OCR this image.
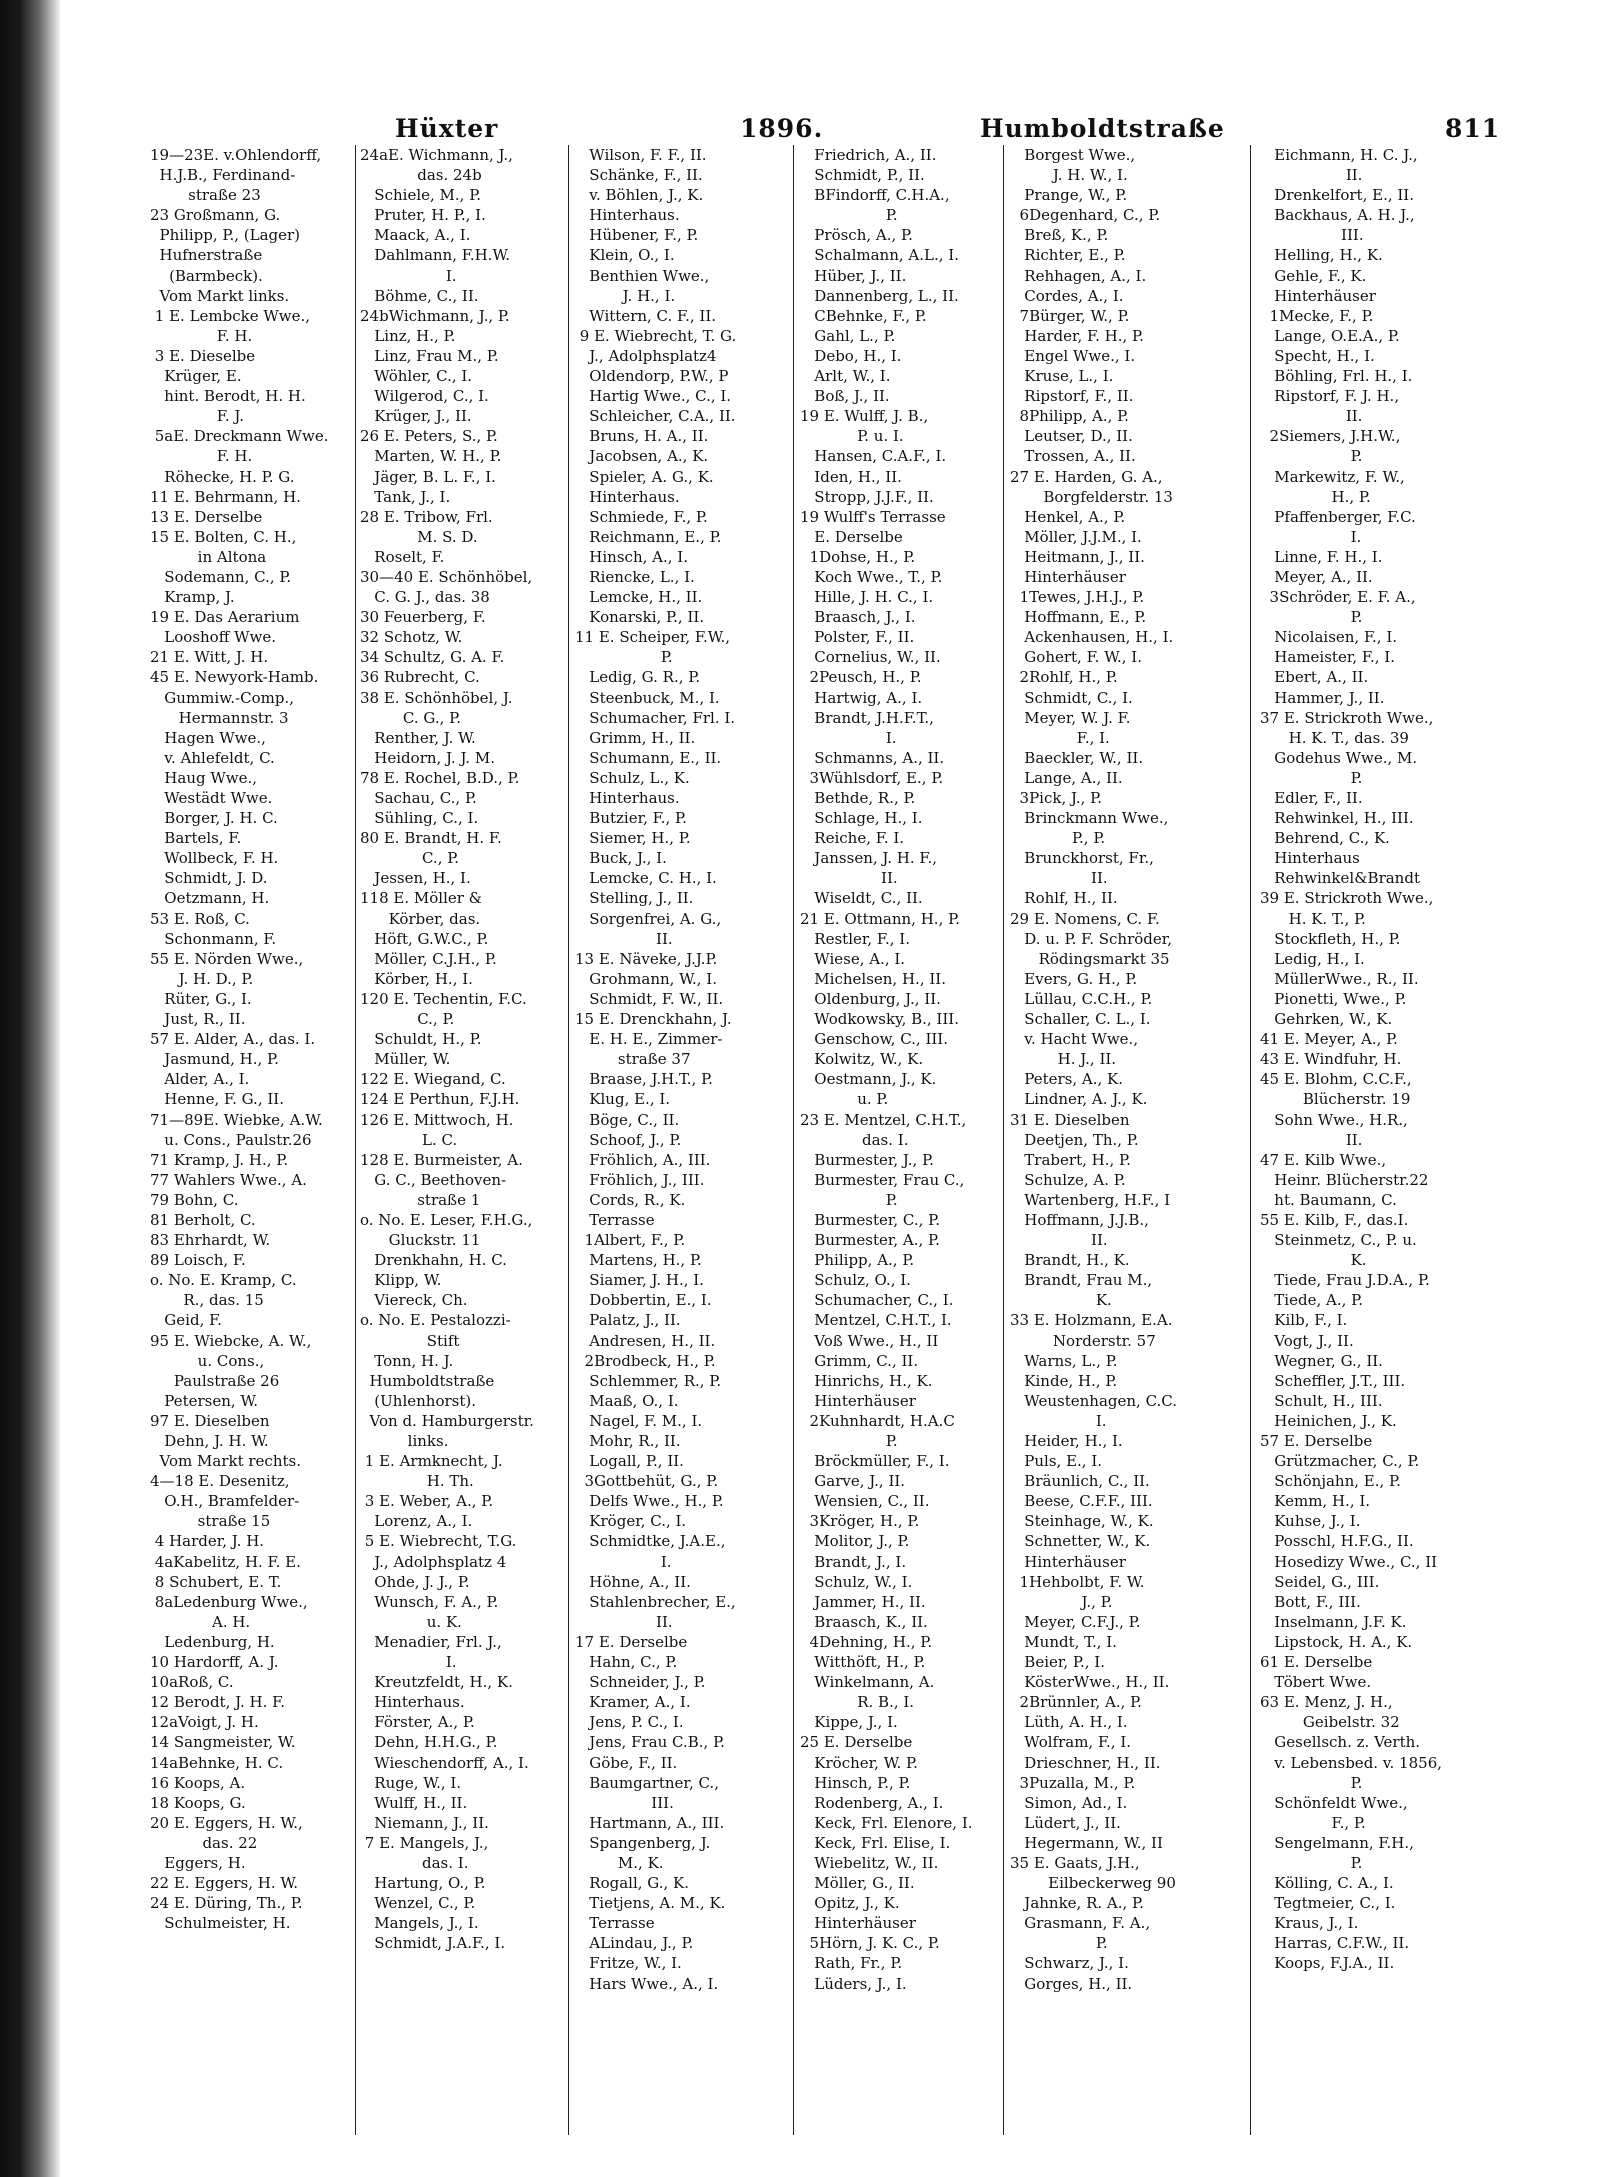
Hüxter	1896.	Humboldtstraße	811
19—23E. v.Ohlendorff,
H.J.B., Ferdinand-
straße 23
23 Großmann, G.
Philipp, P., (Lager)
Hufnerstraße
(Barmbeck).
Vom Markt links.
1 E. Lembcke Wwe.,
F. H.
3 E. Dieselbe
Krüger, E.
hint. Berodt, H. H.
F. J.
5aE. Dreckmann Wwe.
F. H.
Röhecke, H. P. G.
11 E. Behrmann, H.
13 E. Derselbe
15 E. Bolten, C. H.,
in Altona
Sodemann, C., P.
Kramp, J.
19 E. Das Aerarium
Looshoff Wwe.
21 E. Witt, J. H.
45 E. Newyork-Hamb.
Gummiw.-Comp.,
Hermannstr. 3
Hagen Wwe.,
v. Ahlefeldt, C.
Haug Wwe.,
Westädt Wwe.
Borger, J. H. C.
Bartels, F.
Wollbeck, F. H.
Schmidt, J. D.
Oetzmann, H.
53 E. Roß, C.
Schonmann, F.
55 E. Nörden Wwe.,
J. H. D., P.
Rüter, G., I.
Just, R., II.
57 E. Alder, A., das. I.
Jasmund, H., P.
Alder, A., I.
Henne, F. G., II.
71—89E. Wiebke, A.W.
u. Cons., Paulstr.26
71 Kramp, J. H., P.
77 Wahlers Wwe., A.
79 Bohn, C.
81 Berholt, C.
83 Ehrhardt, W.
89 Loisch, F.
o. No. E. Kramp, C.
R., das. 15
Geid, F.
95 E. Wiebcke, A. W.,
u. Cons.,
Paulstraße 26
Petersen, W.
97 E. Dieselben
Dehn, J. H. W.
Vom Markt rechts.
4—18 E. Desenitz,
O.H., Bramfelder-
straße 15
4 Harder, J. H.
4aKabelitz, H. F. E.
8 Schubert, E. T.
8aLedenburg Wwe.,
A. H.
Ledenburg, H.
10 Hardorff, A. J.
10aRoß, C.
12 Berodt, J. H. F.
12aVoigt, J. H.
14 Sangmeister, W.
14aBehnke, H. C.
16 Koops, A.
18 Koops, G.
20 E. Eggers, H. W.,
das. 22
Eggers, H.
22 E. Eggers, H. W.
24 E. Düring, Th., P.
Schulmeister, H.
24aE. Wichmann, J.,
das. 24b
Schiele, M., P.
Pruter, H. P., I.
Maack, A., I.
Dahlmann, F.H.W.
I.
Böhme, C., II.
24bWichmann, J., P.
Linz, H., P.
Linz, Frau M., P.
Wöhler, C., I.
Wilgerod, C., I.
Krüger, J., II.
26 E. Peters, S., P.
Marten, W. H., P.
Jäger, B. L. F., I.
Tank, J., I.
28 E. Tribow, Frl.
M. S. D.
Roselt, F.
30—40 E. Schönhöbel,
C. G. J., das. 38
30 Feuerberg, F.
32 Schotz, W.
34 Schultz, G. A. F.
36 Rubrecht, C.
38 E. Schönhöbel, J.
C. G., P.
Renther, J. W.
Heidorn, J. J. M.
78 E. Rochel, B.D., P.
Sachau, C., P.
Sühling, C., I.
80 E. Brandt, H. F.
C., P.
Jessen, H., I.
118 E. Möller &
Körber, das.
Höft, G.W.C., P.
Möller, C.J.H., P.
Körber, H., I.
120 E. Techentin, F.C.
C., P.
Schuldt, H., P.
Müller, W.
122 E. Wiegand, C.
124 E Perthun, F.J.H.
126 E. Mittwoch, H.
L. C.
128 E. Burmeister, A.
G. C., Beethoven-
straße 1
o. No. E. Leser, F.H.G.,
Gluckstr. 11
Drenkhahn, H. C.
Klipp, W.
Viereck, Ch.
o. No. E. Pestalozzi-
Stift
Tonn, H. J.
Humboldtstraße
(Uhlenhorst).
Von d. Hamburgerstr.
links.
1 E. Armknecht, J.
H. Th.
3 E. Weber, A., P.
Lorenz, A., I.
5 E. Wiebrecht, T.G.
J., Adolphsplatz 4
Ohde, J. J., P.
Wunsch, F. A., P.
u. K.
Menadier, Frl. J.,
I.
Kreutzfeldt, H., K.
Hinterhaus.
Förster, A., P.
Dehn, H.H.G., P.
Wieschendorff, A., I.
Ruge, W., I.
Wulff, H., II.
Niemann, J., II.
7 E. Mangels, J.,
das. I.
Hartung, O., P.
Wenzel, C., P.
Mangels, J., I.
Schmidt, J.A.F., I.
Wilson, F. F., II.
Schänke, F., II.
v. Böhlen, J., K.
Hinterhaus.
Hübener, F., P.
Klein, O., I.
Benthien Wwe.,
J. H., I.
Wittern, C. F., II.
9 E. Wiebrecht, T. G.
J., Adolphsplatz4
Oldendorp, P.W., P
Hartig Wwe., C., I.
Schleicher, C.A., II.
Bruns, H. A., II.
Jacobsen, A., K.
Spieler, A. G., K.
Hinterhaus.
Schmiede, F., P.
Reichmann, E., P.
Hinsch, A., I.
Riencke, L., I.
Lemcke, H., II.
Konarski, P., II.
11 E. Scheiper, F.W.,
P.
Ledig, G. R., P.
Steenbuck, M., I.
Schumacher, Frl. I.
Grimm, H., II.
Schumann, E., II.
Schulz, L., K.
Hinterhaus.
Butzier, F., P.
Siemer, H., P.
Buck, J., I.
Lemcke, C. H., I.
Stelling, J., II.
Sorgenfrei, A. G.,
II.
13 E. Näveke, J.J.P.
Grohmann, W., I.
Schmidt, F. W., II.
15 E. Drenckhahn, J.
E. H. E., Zimmer-
straße 37
Braase, J.H.T., P.
Klug, E., I.
Böge, C., II.
Schoof, J., P.
Fröhlich, A., III.
Fröhlich, J., III.
Cords, R., K.
Terrasse
1Albert, F., P.
Martens, H., P.
Siamer, J. H., I.
Dobbertin, E., I.
Palatz, J., II.
Andresen, H., II.
2Brodbeck, H., P.
Schlemmer, R., P.
Maaß, O., I.
Nagel, F. M., I.
Mohr, R., II.
Logall, P., II.
3Gottbehüt, G., P.
Delfs Wwe., H., P.
Kröger, C., I.
Schmidtke, J.A.E.,
I.
Höhne, A., II.
Stahlenbrecher, E.,
II.
17 E. Derselbe
Hahn, C., P.
Schneider, J., P.
Kramer, A., I.
Jens, P. C., I.
Jens, Frau C.B., P.
Göbe, F., II.
Baumgartner, C.,
III.
Hartmann, A., III.
Spangenberg, J.
M., K.
Rogall, G., K.
Tietjens, A. M., K.
Terrasse
ALindau, J., P.
Fritze, W., I.
Hars Wwe., A., I.
Friedrich, A., II.
Schmidt, P., II.
BFindorff, C.H.A.,
P.
Prösch, A., P.
Schalmann, A.L., I.
Hüber, J., II.
Dannenberg, L., II.
CBehnke, F., P.
Gahl, L., P.
Debo, H., I.
Arlt, W., I.
Boß, J., II.
19 E. Wulff, J. B.,
P. u. I.
Hansen, C.A.F., I.
Iden, H., II.
Stropp, J.J.F., II.
19 Wulff's Terrasse
E. Derselbe
1Dohse, H., P.
Koch Wwe., T., P.
Hille, J. H. C., I.
Braasch, J., I.
Polster, F., II.
Cornelius, W., II.
2Peusch, H., P.
Hartwig, A., I.
Brandt, J.H.F.T.,
I.
Schmanns, A., II.
3Wühlsdorf, E., P.
Bethde, R., P.
Schlage, H., I.
Reiche, F. I.
Janssen, J. H. F.,
II.
Wiseldt, C., II.
21 E. Ottmann, H., P.
Restler, F., I.
Wiese, A., I.
Michelsen, H., II.
Oldenburg, J., II.
Wodkowsky, B., III.
Genschow, C., III.
Kolwitz, W., K.
Oestmann, J., K.
u. P.
23 E. Mentzel, C.H.T.,
das. I.
Burmester, J., P.
Burmester, Frau C.,
P.
Burmester, C., P.
Burmester, A., P.
Philipp, A., P.
Schulz, O., I.
Schumacher, C., I.
Mentzel, C.H.T., I.
Voß Wwe., H., II
Grimm, C., II.
Hinrichs, H., K.
Hinterhäuser
2Kuhnhardt, H.A.C
P.
Bröckmüller, F., I.
Garve, J., II.
Wensien, C., II.
3Kröger, H., P.
Molitor, J., P.
Brandt, J., I.
Schulz, W., I.
Jammer, H., II.
Braasch, K., II.
4Dehning, H., P.
Witthöft, H., P.
Winkelmann, A.
R. B., I.
Kippe, J., I.
25 E. Derselbe
Kröcher, W. P.
Hinsch, P., P.
Rodenberg, A., I.
Keck, Frl. Elenore, I.
Keck, Frl. Elise, I.
Wiebelitz, W., II.
Möller, G., II.
Opitz, J., K.
Hinterhäuser
5Hörn, J. K. C., P.
Rath, Fr., P.
Lüders, J., I.
Borgest Wwe.,
J. H. W., I.
Prange, W., P.
6Degenhard, C., P.
Breß, K., P.
Richter, E., P.
Rehhagen, A., I.
Cordes, A., I.
7Bürger, W., P.
Harder, F. H., P.
Engel Wwe., I.
Kruse, L., I.
Ripstorf, F., II.
8Philipp, A., P.
Leutser, D., II.
Trossen, A., II.
27 E. Harden, G. A.,
Borgfelderstr. 13
Henkel, A., P.
Möller, J.J.M., I.
Heitmann, J., II.
Hinterhäuser
1Tewes, J.H.J., P.
Hoffmann, E., P.
Ackenhausen, H., I.
Gohert, F. W., I.
2Rohlf, H., P.
Schmidt, C., I.
Meyer, W. J. F.
F., I.
Baeckler, W., II.
Lange, A., II.
3Pick, J., P.
Brinckmann Wwe.,
P., P.
Brunckhorst, Fr.,
II.
Rohlf, H., II.
29 E. Nomens, C. F.
D. u. P. F. Schröder,
Rödingsmarkt 35
Evers, G. H., P.
Lüllau, C.C.H., P.
Schaller, C. L., I.
v. Hacht Wwe.,
H. J., II.
Peters, A., K.
Lindner, A. J., K.
31 E. Dieselben
Deetjen, Th., P.
Trabert, H., P.
Schulze, A. P.
Wartenberg, H.F., I
Hoffmann, J.J.B.,
II.
Brandt, H., K.
Brandt, Frau M.,
K.
33 E. Holzmann, E.A.
Norderstr. 57
Warns, L., P.
Kinde, H., P.
Weustenhagen, C.C.
I.
Heider, H., I.
Puls, E., I.
Bräunlich, C., II.
Beese, C.F.F., III.
Steinhage, W., K.
Schnetter, W., K.
Hinterhäuser
1Hehbolbt, F. W.
J., P.
Meyer, C.F.J., P.
Mundt, T., I.
Beier, P., I.
KösterWwe., H., II.
2Brünnler, A., P.
Lüth, A. H., I.
Wolfram, F., I.
Drieschner, H., II.
3Puzalla, M., P.
Simon, Ad., I.
Lüdert, J., II.
Hegermann, W., II
35 E. Gaats, J.H.,
Eilbeckerweg 90
Jahnke, R. A., P.
Grasmann, F. A.,
P.
Schwarz, J., I.
Gorges, H., II.
Eichmann, H. C. J.,
II.
Drenkelfort, E., II.
Backhaus, A. H. J.,
III.
Helling, H., K.
Gehle, F., K.
Hinterhäuser
1Mecke, F., P.
Lange, O.E.A., P.
Specht, H., I.
Böhling, Frl. H., I.
Ripstorf, F. J. H.,
II.
2Siemers, J.H.W.,
P.
Markewitz, F. W.,
H., P.
Pfaffenberger, F.C.
I.
Linne, F. H., I.
Meyer, A., II.
3Schröder, E. F. A.,
P.
Nicolaisen, F., I.
Hameister, F., I.
Ebert, A., II.
Hammer, J., II.
37 E. Strickroth Wwe.,
H. K. T., das. 39
Godehus Wwe., M.
P.
Edler, F., II.
Rehwinkel, H., III.
Behrend, C., K.
Hinterhaus
Rehwinkel&Brandt
39 E. Strickroth Wwe.,
H. K. T., P.
Stockfleth, H., P.
Ledig, H., I.
MüllerWwe., R., II.
Pionetti, Wwe., P.
Gehrken, W., K.
41 E. Meyer, A., P.
43 E. Windfuhr, H.
45 E. Blohm, C.C.F.,
Blücherstr. 19
Sohn Wwe., H.R.,
II.
47 E. Kilb Wwe.,
Heinr. Blücherstr.22
ht. Baumann, C.
55 E. Kilb, F., das.I.
Steinmetz, C., P. u.
K.
Tiede, Frau J.D.A., P.
Tiede, A., P.
Kilb, F., I.
Vogt, J., II.
Wegner, G., II.
Scheffler, J.T., III.
Schult, H., III.
Heinichen, J., K.
57 E. Derselbe
Grützmacher, C., P.
Schönjahn, E., P.
Kemm, H., I.
Kuhse, J., I.
Posschl, H.F.G., II.
Hosedizy Wwe., C., II
Seidel, G., III.
Bott, F., III.
Inselmann, J.F. K.
Lipstock, H. A., K.
61 E. Derselbe
Töbert Wwe.
63 E. Menz, J. H.,
Geibelstr. 32
Gesellsch. z. Verth.
v. Lebensbed. v. 1856,
P.
Schönfeldt Wwe.,
F., P.
Sengelmann, F.H.,
P.
Kölling, C. A., I.
Tegtmeier, C., I.
Kraus, J., I.
Harras, C.F.W., II.
Koops, F.J.A., II.
